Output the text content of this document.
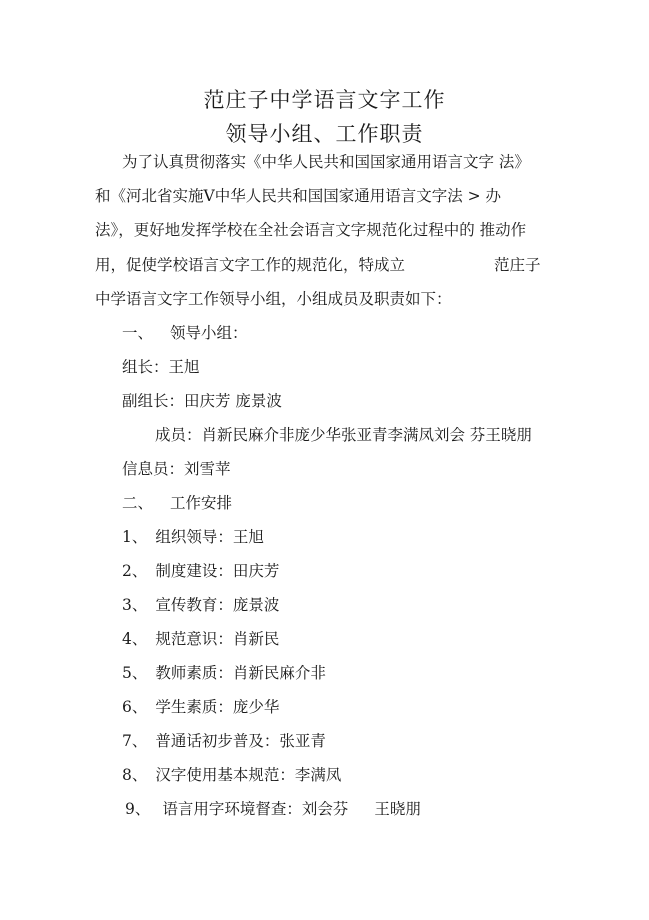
范庄子中学语言文字工作
领导小组、工作职责
为了认真贯彻落实《中华人民共和国国家通用语言文字 法》
和《河北省实施V中华人民共和国国家通用语言文字法 > 办
法》，更好地发挥学校在全社会语言文字规范化过程中的 推动作
用，促使学校语言文字工作的规范化，特成立	范庄子
中学语言文字工作领导小组，小组成员及职责如下：
一、 领导小组：
组长：王旭
副组长：田庆芳 庞景波
成员：肖新民麻介非庞少华张亚青李满凤刘会 芬王晓朋
信息员：刘雪苹
二、 工作安排
1、 组织领导：王旭
2、 制度建设：田庆芳
3、 宣传教育：庞景波
4、 规范意识：肖新民
5、 教师素质：肖新民麻介非
6、 学生素质：庞少华
7、 普通话初步普及：张亚青
8、 汉字使用基本规范：李满凤
9、 语言用字环境督查：刘会芬 王晓朋
